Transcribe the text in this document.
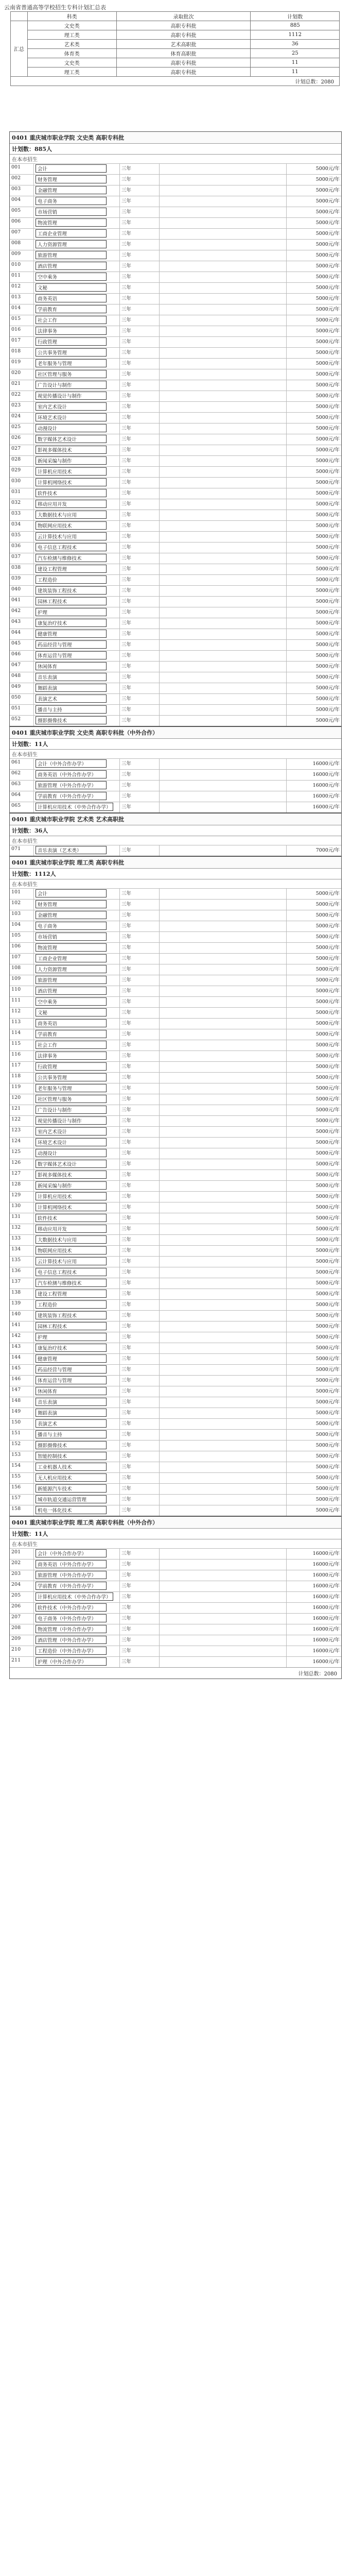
云南省普通高等学校招生专科计划汇总表
	科类	录取批次	计划数
汇总	文史类	高职专科批	885
	理工类	高职专科批	1112
	艺术类	艺术高职批	36
	体育类	体育高职批	25
	文史类	高职专科批	11
	理工类	高职专科批	11
计划总数：2080			
0401 重庆城市职业学院 文史类 高职专科批
计划数：885人
在本市招生
001	会计	三年		5000元/年
002	财务管理	三年		5000元/年
003	金融管理	三年		5000元/年
004	电子商务	三年		5000元/年
005	市场营销	三年		5000元/年
006	物流管理	三年		5000元/年
007	工商企业管理	三年		5000元/年
008	人力资源管理	三年		5000元/年
009	旅游管理	三年		5000元/年
010	酒店管理	三年		5000元/年
011	空中乘务	三年		5000元/年
012	文秘	三年		5000元/年
013	商务英语	三年		5000元/年
014	学前教育	三年		5000元/年
015	社会工作	三年		5000元/年
016	法律事务	三年		5000元/年
017	行政管理	三年		5000元/年
018	公共事务管理	三年		5000元/年
019	老年服务与管理	三年		5000元/年
020	社区管理与服务	三年		5000元/年
021	广告设计与制作	三年		5000元/年
022	视觉传播设计与制作	三年		5000元/年
023	室内艺术设计	三年		5000元/年
024	环境艺术设计	三年		5000元/年
025	动漫设计	三年		5000元/年
026	数字媒体艺术设计	三年		5000元/年
027	影视多媒体技术	三年		5000元/年
028	新闻采编与制作	三年		5000元/年
029	计算机应用技术	三年		5000元/年
030	计算机网络技术	三年		5000元/年
031	软件技术	三年		5000元/年
032	移动应用开发	三年		5000元/年
033	大数据技术与应用	三年		5000元/年
034	物联网应用技术	三年		5000元/年
035	云计算技术与应用	三年		5000元/年
036	电子信息工程技术	三年		5000元/年
037	汽车检测与维修技术	三年		5000元/年
038	建设工程管理	三年		5000元/年
039	工程造价	三年		5000元/年
040	建筑装饰工程技术	三年		5000元/年
041	园林工程技术	三年		5000元/年
042	护理	三年		5000元/年
043	康复治疗技术	三年		5000元/年
044	健康管理	三年		5000元/年
045	药品经营与管理	三年		5000元/年
046	体育运营与管理	三年		5000元/年
047	休闲体育	三年		5000元/年
048	音乐表演	三年		5000元/年
049	舞蹈表演	三年		5000元/年
050	表演艺术	三年		5000元/年
051	播音与主持	三年		5000元/年
052	摄影摄像技术	三年		5000元/年
0401 重庆城市职业学院 文史类 高职专科批（中外合作）
计划数：11人
在本市招生
061	会计（中外合作办学）	三年		16000元/年
062	商务英语（中外合作办学）	三年		16000元/年
063	旅游管理（中外合作办学）	三年		16000元/年
064	学前教育（中外合作办学）	三年		16000元/年
065	计算机应用技术（中外合作办学）	三年		16000元/年
0401 重庆城市职业学院 艺术类 艺术高职批
计划数：36人
在本市招生
071	音乐表演（艺术类）	三年		7000元/年
0401 重庆城市职业学院 理工类 高职专科批
计划数：1112人
在本市招生
101	会计	三年		5000元/年
102	财务管理	三年		5000元/年
103	金融管理	三年		5000元/年
104	电子商务	三年		5000元/年
105	市场营销	三年		5000元/年
106	物流管理	三年		5000元/年
107	工商企业管理	三年		5000元/年
108	人力资源管理	三年		5000元/年
109	旅游管理	三年		5000元/年
110	酒店管理	三年		5000元/年
111	空中乘务	三年		5000元/年
112	文秘	三年		5000元/年
113	商务英语	三年		5000元/年
114	学前教育	三年		5000元/年
115	社会工作	三年		5000元/年
116	法律事务	三年		5000元/年
117	行政管理	三年		5000元/年
118	公共事务管理	三年		5000元/年
119	老年服务与管理	三年		5000元/年
120	社区管理与服务	三年		5000元/年
121	广告设计与制作	三年		5000元/年
122	视觉传播设计与制作	三年		5000元/年
123	室内艺术设计	三年		5000元/年
124	环境艺术设计	三年		5000元/年
125	动漫设计	三年		5000元/年
126	数字媒体艺术设计	三年		5000元/年
127	影视多媒体技术	三年		5000元/年
128	新闻采编与制作	三年		5000元/年
129	计算机应用技术	三年		5000元/年
130	计算机网络技术	三年		5000元/年
131	软件技术	三年		5000元/年
132	移动应用开发	三年		5000元/年
133	大数据技术与应用	三年		5000元/年
134	物联网应用技术	三年		5000元/年
135	云计算技术与应用	三年		5000元/年
136	电子信息工程技术	三年		5000元/年
137	汽车检测与维修技术	三年		5000元/年
138	建设工程管理	三年		5000元/年
139	工程造价	三年		5000元/年
140	建筑装饰工程技术	三年		5000元/年
141	园林工程技术	三年		5000元/年
142	护理	三年		5000元/年
143	康复治疗技术	三年		5000元/年
144	健康管理	三年		5000元/年
145	药品经营与管理	三年		5000元/年
146	体育运营与管理	三年		5000元/年
147	休闲体育	三年		5000元/年
148	音乐表演	三年		5000元/年
149	舞蹈表演	三年		5000元/年
150	表演艺术	三年		5000元/年
151	播音与主持	三年		5000元/年
152	摄影摄像技术	三年		5000元/年
153	智能控制技术	三年		5000元/年
154	工业机器人技术	三年		5000元/年
155	无人机应用技术	三年		5000元/年
156	新能源汽车技术	三年		5000元/年
157	城市轨道交通运营管理	三年		5000元/年
158	机电一体化技术	三年		5000元/年
0401 重庆城市职业学院 理工类 高职专科批（中外合作）
计划数：11人
在本市招生
201	会计（中外合作办学）	三年		16000元/年
202	商务英语（中外合作办学）	三年		16000元/年
203	旅游管理（中外合作办学）	三年		16000元/年
204	学前教育（中外合作办学）	三年		16000元/年
205	计算机应用技术（中外合作办学）	三年		16000元/年
206	软件技术（中外合作办学）	三年		16000元/年
207	电子商务（中外合作办学）	三年		16000元/年
208	物流管理（中外合作办学）	三年		16000元/年
209	酒店管理（中外合作办学）	三年		16000元/年
210	工程造价（中外合作办学）	三年		16000元/年
211	护理（中外合作办学）	三年		16000元/年
计划总数：2080
